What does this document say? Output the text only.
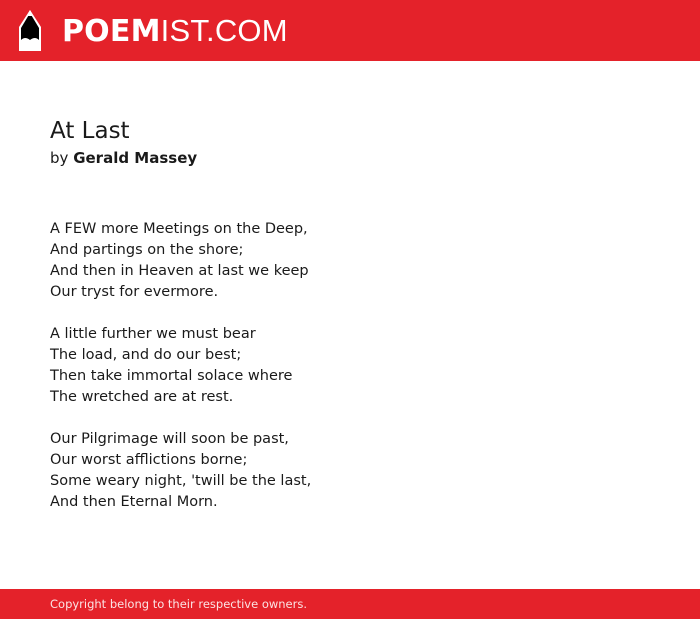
POEMIST.COM
At Last
by Gerald Massey
A FEW more Meetings on the Deep,
And partings on the shore;
And then in Heaven at last we keep
Our tryst for evermore.
A little further we must bear
The load, and do our best;
Then take immortal solace where
The wretched are at rest.
Our Pilgrimage will soon be past,
Our worst afflictions borne;
Some weary night, 'twill be the last,
And then Eternal Morn.
Copyright belong to their respective owners.
